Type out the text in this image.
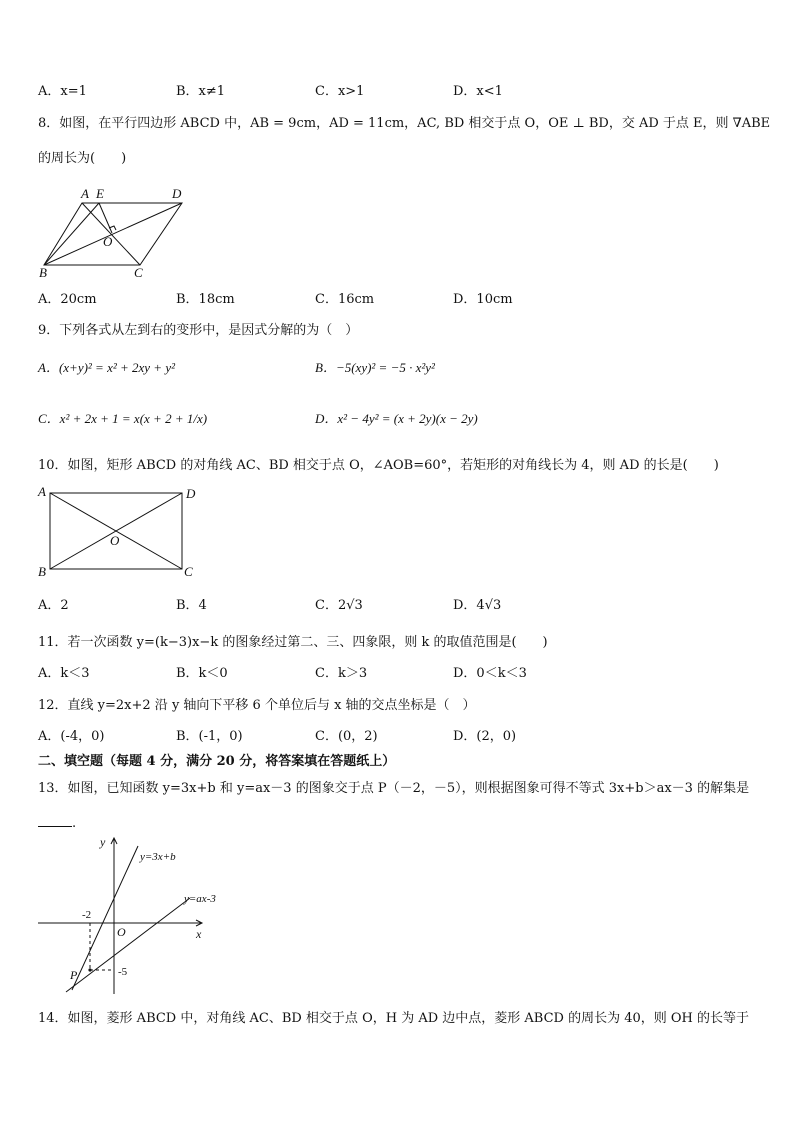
A．x=1	B．x≠1	C．x>1	D．x<1
8．如图，在平行四边形 ABCD 中，AB = 9cm，AD = 11cm，AC, BD 相交于点 O，OE ⊥ BD，交 AD 于点 E，则 ∇ABE
的周长为(　　)
A E	D
O
B	C
A．20cm	B．18cm	C．16cm	D．10cm
9．下列各式从左到右的变形中，是因式分解的为（　）
A．(x+y)² = x² + 2xy + y²	B．−5(xy)² = −5 · x²y²
C．x² + 2x + 1 = x(x + 2 + 1/x)	D．x² − 4y² = (x + 2y)(x − 2y)
10．如图，矩形 ABCD 的对角线 AC、BD 相交于点 O，∠AOB=60°，若矩形的对角线长为 4，则 AD 的长是(　　)
A	D
O
B	C
A．2	B．4	C．2√3	D．4√3
11．若一次函数 y=(k−3)x−k 的图象经过第二、三、四象限，则 k 的取值范围是(　　)
A．k＜3	B．k＜0	C．k＞3	D．0＜k＜3
12．直线 y=2x+2 沿 y 轴向下平移 6 个单位后与 x 轴的交点坐标是（　）
A．(-4，0)	B．(-1，0)	C．(0，2)	D．(2，0)
二、填空题（每题 4 分，满分 20 分，将答案填在答题纸上）
13．如图，已知函数 y=3x+b 和 y=ax－3 的图象交于点 P（－2，－5），则根据图象可得不等式 3x+b＞ax－3 的解集是
.
y
x
O
y=3x+b
y=ax-3
-2
-5
P
14．如图，菱形 ABCD 中，对角线 AC、BD 相交于点 O，H 为 AD 边中点，菱形 ABCD 的周长为 40，则 OH 的长等于
